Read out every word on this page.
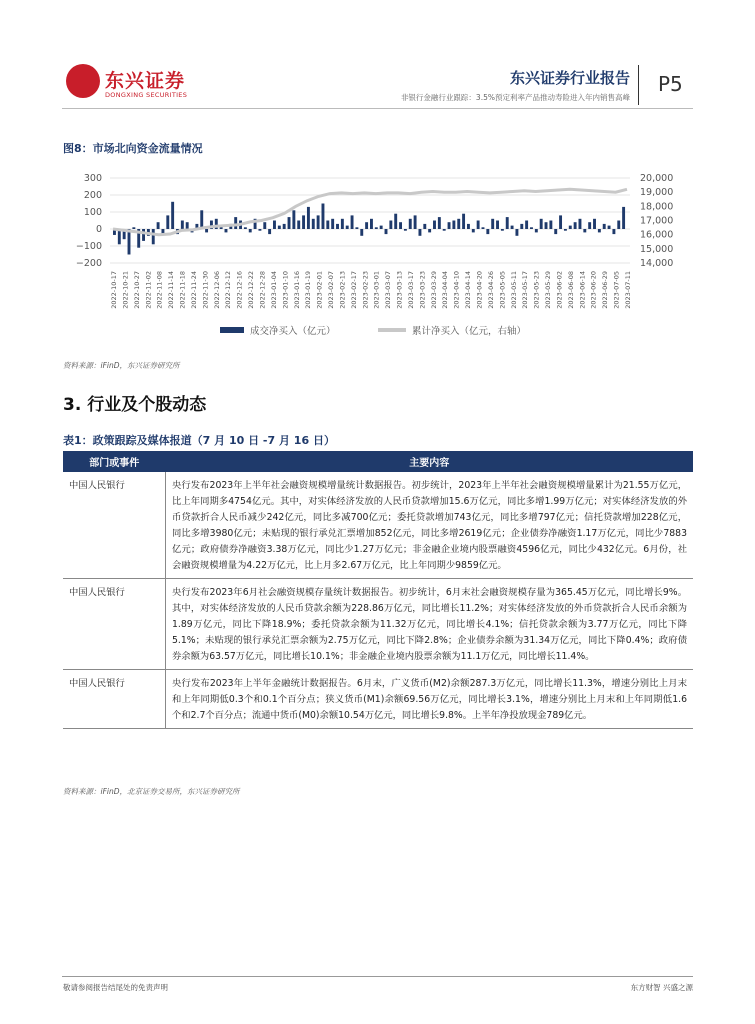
东兴证券
DONGXING SECURITIES
东兴证券行业报告
非银行金融行业跟踪：3.5%预定利率产品推动寿险进入年内销售高峰
P5
图8：市场北向资金流量情况
300
200
100
0
−100
−200
20,000
19,000
18,000
17,000
16,000
15,000
14,000
2022-10-17 2022-10-21 2022-10-27 2022-11-02 2022-11-08 2022-11-14 2022-11-18 2022-11-24 2022-11-30 2022-12-06 2022-12-12 2022-12-16 2022-12-22 2022-12-28 2023-01-04 2023-01-10 2023-01-16 2023-01-19 2023-02-01 2023-02-07 2023-02-13 2023-02-17 2023-02-23 2023-03-01 2023-03-07 2023-03-13 2023-03-17 2023-03-23 2023-03-29 2023-04-04 2023-04-10 2023-04-14 2023-04-20 2023-04-26 2023-05-05 2023-05-11 2023-05-17 2023-05-23 2023-05-29 2023-06-02 2023-06-08 2023-06-14 2023-06-20 2023-06-29 2023-07-05 2023-07-11
成交净买入（亿元）	累计净买入（亿元，右轴）
资料来源：iFinD，东兴证券研究所
3. 行业及个股动态
表1：政策跟踪及媒体报道（7 月 10 日 -7 月 16 日）
部门或事件	主要内容
中国人民银行	央行发布2023年上半年社会融资规模增量统计数据报告。初步统计，2023年上半年社会融资规模增量累计为21.55万亿元，比上年同期多4754亿元。其中，对实体经济发放的人民币贷款增加15.6万亿元，同比多增1.99万亿元；对实体经济发放的外币贷款折合人民币减少242亿元，同比多减700亿元；委托贷款增加743亿元，同比多增797亿元；信托贷款增加228亿元，同比多增3980亿元；未贴现的银行承兑汇票增加852亿元，同比多增2619亿元；企业债券净融资1.17万亿元，同比少7883亿元；政府债券净融资3.38万亿元，同比少1.27万亿元；非金融企业境内股票融资4596亿元，同比少432亿元。6月份，社会融资规模增量为4.22万亿元，比上月多2.67万亿元，比上年同期少9859亿元。
中国人民银行	央行发布2023年6月社会融资规模存量统计数据报告。初步统计，6月末社会融资规模存量为365.45万亿元，同比增长9%。其中，对实体经济发放的人民币贷款余额为228.86万亿元，同比增长11.2%；对实体经济发放的外币贷款折合人民币余额为1.89万亿元，同比下降18.9%；委托贷款余额为11.32万亿元，同比增长4.1%；信托贷款余额为3.77万亿元，同比下降5.1%；未贴现的银行承兑汇票余额为2.75万亿元，同比下降2.8%；企业债券余额为31.34万亿元，同比下降0.4%；政府债券余额为63.57万亿元，同比增长10.1%；非金融企业境内股票余额为11.1万亿元，同比增长11.4%。
中国人民银行	央行发布2023年上半年金融统计数据报告。6月末，广义货币(M2)余额287.3万亿元，同比增长11.3%，增速分别比上月末和上年同期低0.3个和0.1个百分点；狭义货币(M1)余额69.56万亿元，同比增长3.1%，增速分别比上月末和上年同期低1.6个和2.7个百分点；流通中货币(M0)余额10.54万亿元，同比增长9.8%。上半年净投放现金789亿元。
资料来源：iFinD，北京证券交易所，东兴证券研究所
敬请参阅报告结尾处的免责声明	东方财智 兴盛之源
